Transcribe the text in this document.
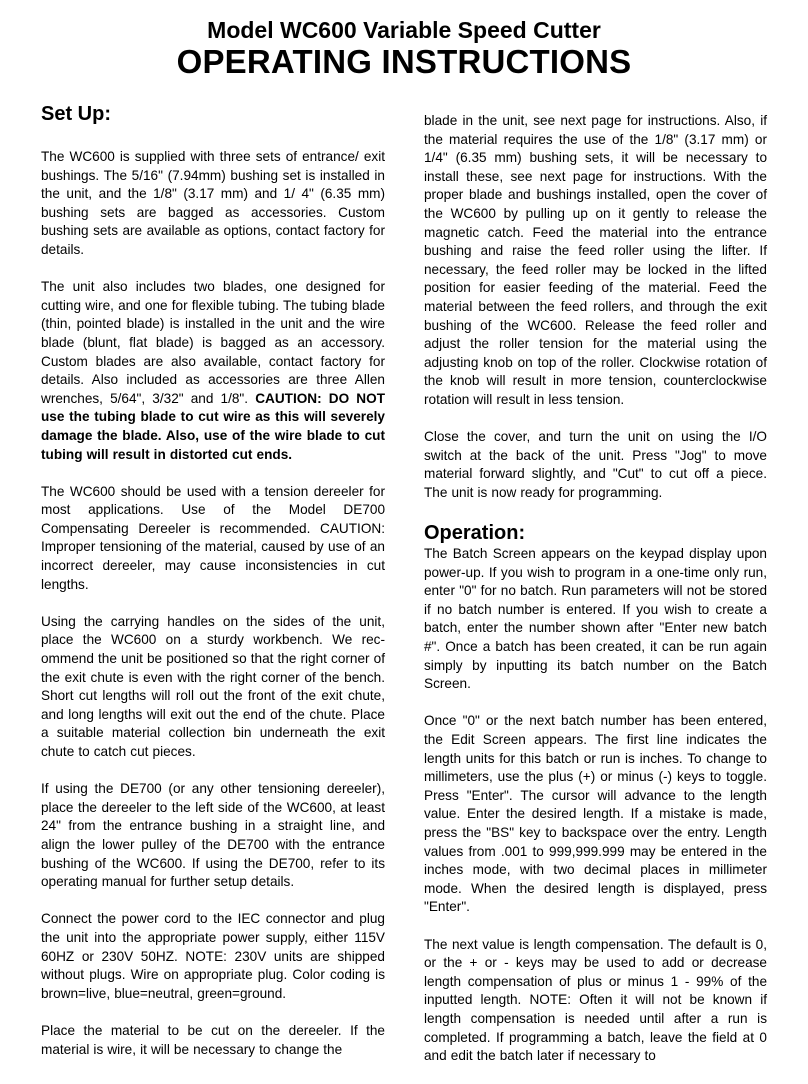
Model WC600 Variable Speed Cutter
OPERATING INSTRUCTIONS
Set Up:

The WC600 is supplied with three sets of entrance/ exit bushings. The 5/16" (7.94mm) bushing set is installed in the unit, and the 1/8" (3.17 mm) and 1/ 4" (6.35 mm) bushing sets are bagged as accessories. Custom bushing sets are available as options, contact factory for details.

The unit also includes two blades, one designed for cutting wire, and one for flexible tubing. The tubing blade (thin, pointed blade) is installed in the unit and the wire blade (blunt, flat blade) is bagged as an accessory. Custom blades are also available, contact factory for details. Also included as accessories are three Allen wrenches, 5/64", 3/32" and 1/8". CAUTION: DO NOT use the tubing blade to cut wire as this will severely damage the blade. Also, use of the wire blade to cut tubing will result in distorted cut ends.

The WC600 should be used with a tension dereeler for most applications. Use of the Model DE700 Compensating Dereeler is recommended. CAUTION: Improper tensioning of the material, caused by use of an incorrect dereeler, may cause inconsistencies in cut lengths.

Using the carrying handles on the sides of the unit, place the WC600 on a sturdy workbench. We recommend the unit be positioned so that the right corner of the exit chute is even with the right corner of the bench. Short cut lengths will roll out the front of the exit chute, and long lengths will exit out the end of the chute. Place a suitable material collection bin underneath the exit chute to catch cut pieces.

If using the DE700 (or any other tensioning dereeler), place the dereeler to the left side of the WC600, at least 24" from the entrance bushing in a straight line, and align the lower pulley of the DE700 with the entrance bushing of the WC600. If using the DE700, refer to its operating manual for further setup details.

Connect the power cord to the IEC connector and plug the unit into the appropriate power supply, either 115V 60HZ or 230V 50HZ. NOTE: 230V units are shipped without plugs. Wire on appropriate plug. Color coding is brown=live, blue=neutral, green=ground.

Place the material to be cut on the dereeler. If the material is wire, it will be necessary to change the

blade in the unit, see next page for instructions. Also, if the material requires the use of the 1/8" (3.17 mm) or 1/4" (6.35 mm) bushing sets, it will be necessary to install these, see next page for instructions. With the proper blade and bushings installed, open the cover of the WC600 by pulling up on it gently to release the magnetic catch. Feed the material into the entrance bushing and raise the feed roller using the lifter. If necessary, the feed roller may be locked in the lifted position for easier feeding of the material. Feed the material between the feed rollers, and through the exit bushing of the WC600. Release the feed roller and adjust the roller tension for the material using the adjusting knob on top of the roller. Clockwise rotation of the knob will result in more tension, counterclockwise rotation will result in less tension.

Close the cover, and turn the unit on using the I/O switch at the back of the unit. Press "Jog" to move material forward slightly, and "Cut" to cut off a piece. The unit is now ready for programming.

Operation:

The Batch Screen appears on the keypad display upon power-up. If you wish to program in a one-time only run, enter "0" for no batch. Run parameters will not be stored if no batch number is entered. If you wish to create a batch, enter the number shown after "Enter new batch #". Once a batch has been created, it can be run again simply by inputting its batch number on the Batch Screen.

Once "0" or the next batch number has been entered, the Edit Screen appears. The first line indicates the length units for this batch or run is inches. To change to millimeters, use the plus (+) or minus (-) keys to toggle. Press "Enter". The cursor will advance to the length value. Enter the desired length. If a mistake is made, press the "BS" key to backspace over the entry. Length values from .001 to 999,999.999 may be entered in the inches mode, with two decimal places in millimeter mode. When the desired length is displayed, press "Enter".

The next value is length compensation. The default is 0, or the + or - keys may be used to add or decrease length compensation of plus or minus 1 - 99% of the inputted length. NOTE: Often it will not be known if length compensation is needed until after a run is completed. If programming a batch, leave the field at 0 and edit the batch later if necessary to
